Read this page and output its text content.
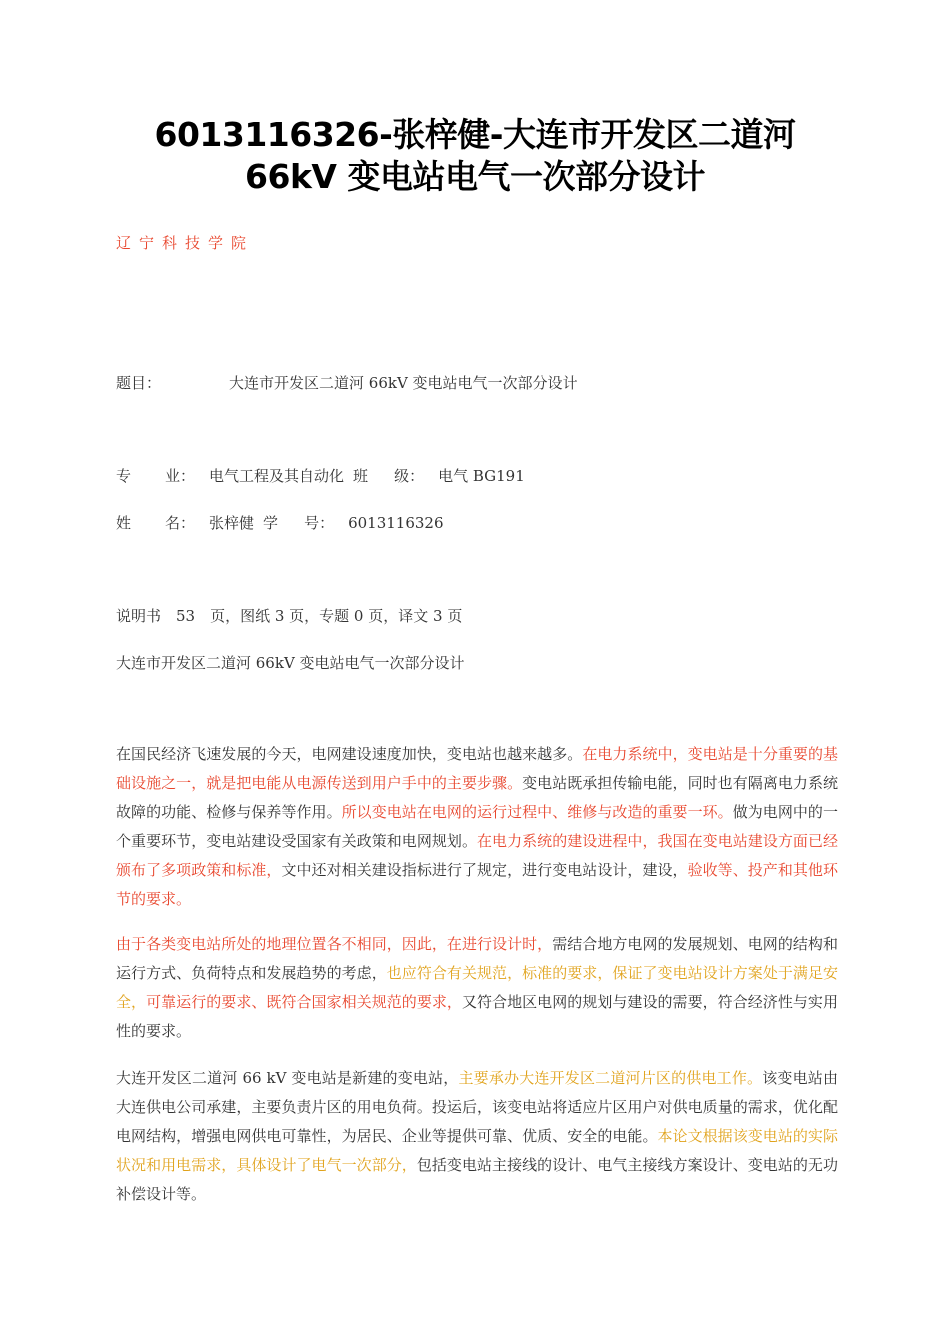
6013116326-张梓健-大连市开发区二道河
66kV 变电站电气一次部分设计
辽宁科技学院
题目：	大连市开发区二道河 66kV 变电站电气一次部分设计
专 业： 电气工程及其自动化 班 级： 电气 BG191
姓 名： 张梓健 学 号： 6013116326
说明书　53　页，图纸 3 页，专题 0 页，译文 3 页
大连市开发区二道河 66kV 变电站电气一次部分设计
在国民经济飞速发展的今天，电网建设速度加快，变电站也越来越多。在电力系统中，变电站是十分重要的基础设施之一，就是把电能从电源传送到用户手中的主要步骤。变电站既承担传输电能，同时也有隔离电力系统故障的功能、检修与保养等作用。所以变电站在电网的运行过程中、维修与改造的重要一环。做为电网中的一个重要环节，变电站建设受国家有关政策和电网规划。在电力系统的建设进程中，我国在变电站建设方面已经颁布了多项政策和标准，文中还对相关建设指标进行了规定，进行变电站设计，建设，验收等、投产和其他环节的要求。
由于各类变电站所处的地理位置各不相同，因此，在进行设计时，需结合地方电网的发展规划、电网的结构和运行方式、负荷特点和发展趋势的考虑，也应符合有关规范，标准的要求，保证了变电站设计方案处于满足安全，可靠运行的要求、既符合国家相关规范的要求，又符合地区电网的规划与建设的需要，符合经济性与实用性的要求。
大连开发区二道河 66 kV 变电站是新建的变电站，主要承办大连开发区二道河片区的供电工作。该变电站由大连供电公司承建，主要负责片区的用电负荷。投运后，该变电站将适应片区用户对供电质量的需求，优化配电网结构，增强电网供电可靠性，为居民、企业等提供可靠、优质、安全的电能。本论文根据该变电站的实际状况和用电需求，具体设计了电气一次部分，包括变电站主接线的设计、电气主接线方案设计、变电站的无功补偿设计等。
